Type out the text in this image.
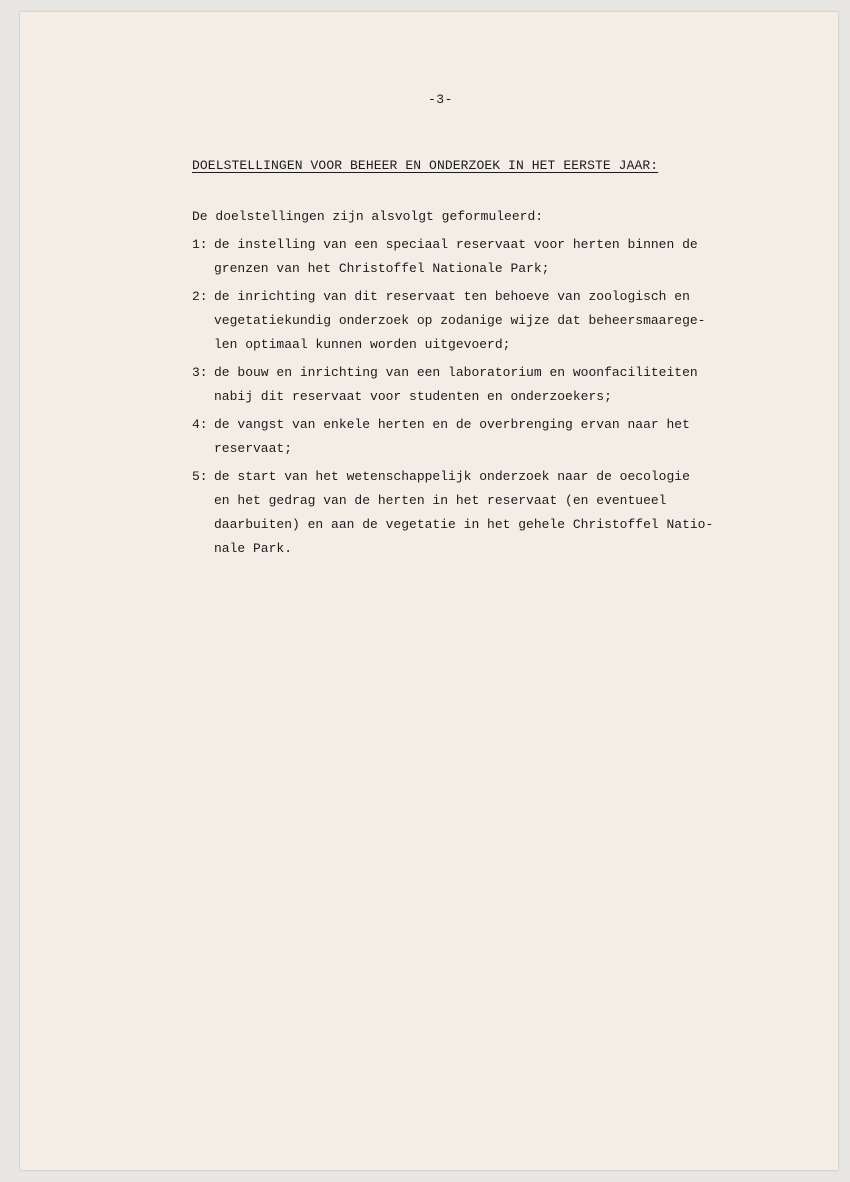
-3-
DOELSTELLINGEN VOOR BEHEER EN ONDERZOEK IN HET EERSTE JAAR:
De doelstellingen zijn alsvolgt geformuleerd:
1: de instelling van een speciaal reservaat voor herten binnen de
grenzen van het Christoffel Nationale Park;
2: de inrichting van dit reservaat ten behoeve van zoologisch en
vegetatiekundig onderzoek op zodanige wijze dat beheersmaarege-
len optimaal kunnen worden uitgevoerd;
3: de bouw en inrichting van een laboratorium en woonfaciliteiten
nabij dit reservaat voor studenten en onderzoekers;
4: de vangst van enkele herten en de overbrenging ervan naar het
reservaat;
5: de start van het wetenschappelijk onderzoek naar de oecologie
en het gedrag van de herten in het reservaat (en eventueel
daarbuiten) en aan de vegetatie in het gehele Christoffel Natio-
nale Park.
